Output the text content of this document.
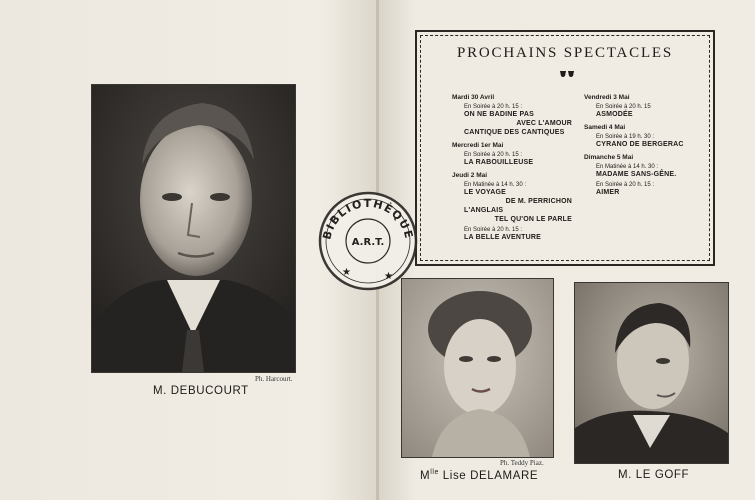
Ph. Harcourt.
M. DEBUCOURT
PROCHAINS SPECTACLES
Mardi 30 Avril
En Soirée à 20 h. 15 :
ON NE BADINE PAS
AVEC L'AMOUR
CANTIQUE DES CANTIQUES
Mercredi 1er Mai
En Soirée à 20 h. 15 :
LA RABOUILLEUSE
Jeudi 2 Mai
En Matinée à 14 h. 30 :
LE VOYAGE
DE M. PERRICHON
L'ANGLAIS
TEL QU'ON LE PARLE
En Soirée à 20 h. 15 :
LA BELLE AVENTURE
Vendredi 3 Mai
En Soirée à 20 h. 15
ASMODÉE
Samedi 4 Mai
En Soirée à 19 h. 30 :
CYRANO DE BERGERAC
Dimanche 5 Mai
En Matinée à 14 h. 30 :
MADAME SANS-GÊNE.
En Soirée à 20 h. 15 :
AIMER
BIBLIOTHÈQUE
A.R.T.
★	★
Ph. Teddy Piaz.
$M^{lle}$ Lise DELAMARE	M. LE GOFF
